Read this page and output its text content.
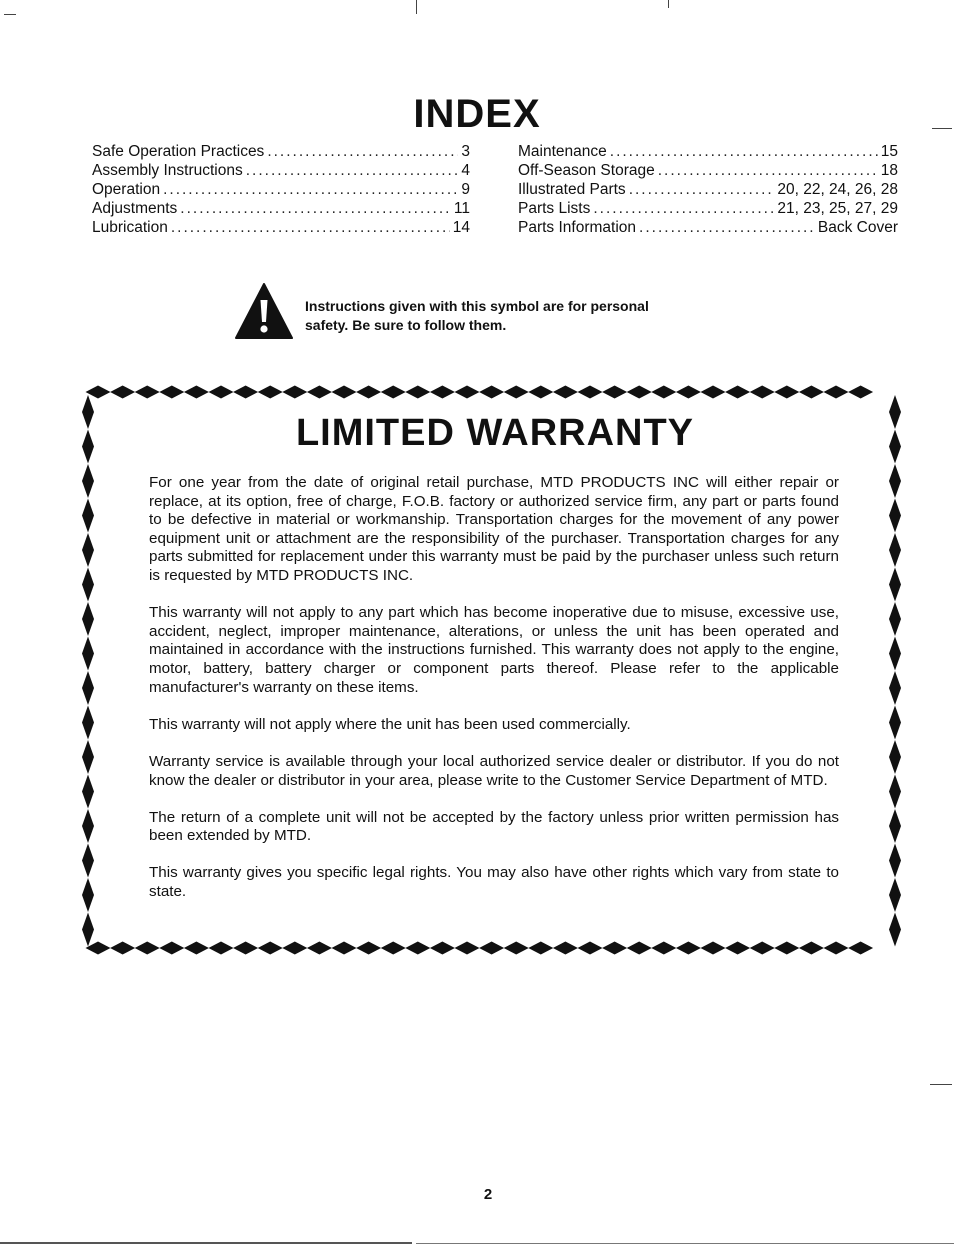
INDEX
Safe Operation Practices .....	3
Assembly Instructions .....	4
Operation .....	9
Adjustments .....	11
Lubrication .....	14
Maintenance .....	15
Off-Season Storage .....	18
Illustrated Parts .....	20, 22, 24, 26, 28
Parts Lists .....	21, 23, 25, 27, 29
Parts Information .....	Back Cover
Instructions given with this symbol are for personal safety. Be sure to follow them.
LIMITED WARRANTY

For one year from the date of original retail purchase, MTD PRODUCTS INC will either repair or replace, at its option, free of charge, F.O.B. factory or authorized service firm, any part or parts found to be defective in material or workmanship. Transportation charges for the movement of any power equipment unit or attachment are the responsibility of the purchaser. Transportation charges for any parts submitted for replacement under this warranty must be paid by the purchaser unless such return is requested by MTD PRODUCTS INC.

This warranty will not apply to any part which has become inoperative due to misuse, excessive use, accident, neglect, improper maintenance, alterations, or unless the unit has been operated and maintained in accordance with the instructions furnished. This warranty does not apply to the engine, motor, battery, battery charger or component parts thereof. Please refer to the applicable manufacturer's warranty on these items.

This warranty will not apply where the unit has been used commercially.

Warranty service is available through your local authorized service dealer or distributor. If you do not know the dealer or distributor in your area, please write to the Customer Service Department of MTD.

The return of a complete unit will not be accepted by the factory unless prior written permission has been extended by MTD.

This warranty gives you specific legal rights. You may also have other rights which vary from state to state.

2
